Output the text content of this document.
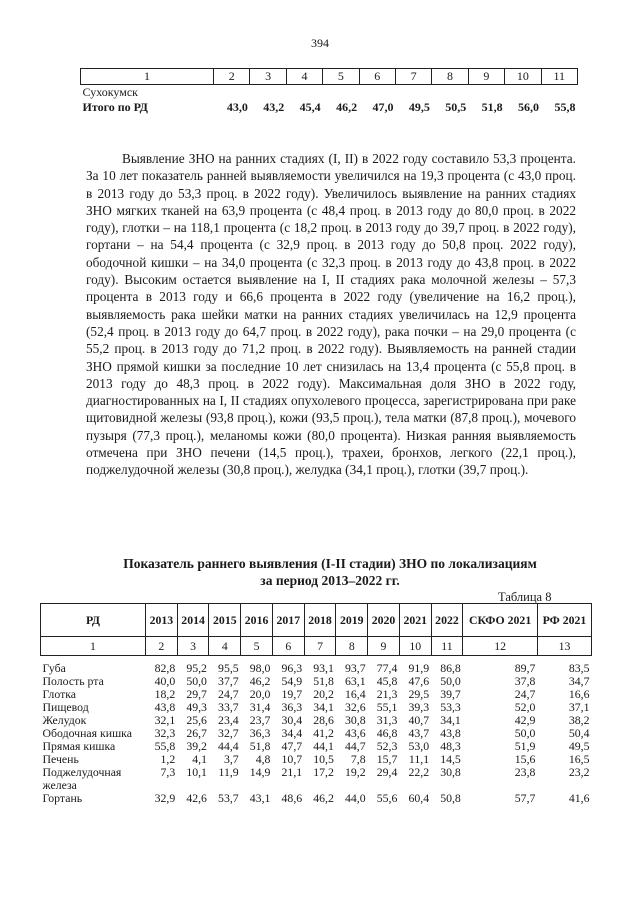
394
1	2	3	4	5	6	7	8	9	10	11
Сухокумск										
Итого по РД	43,0	43,2	45,4	46,2	47,0	49,5	50,5	51,8	56,0	55,8

Выявление ЗНО на ранних стадиях (I, II) в 2022 году составило 53,3 процента. За 10 лет показатель ранней выявляемости увеличился на 19,3 процента (с 43,0 проц. в 2013 году до 53,3 проц. в 2022 году). Увеличилось выявление на ранних стадиях ЗНО мягких тканей на 63,9 процента (с 48,4 проц. в 2013 году до 80,0 проц. в 2022 году), глотки – на 118,1 процента (с 18,2 проц. в 2013 году до 39,7 проц. в 2022 году), гортани – на 54,4 процента (с 32,9 проц. в 2013 году до 50,8 проц. 2022 году), ободочной кишки – на 34,0 процента (с 32,3 проц. в 2013 году до 43,8 проц. в 2022 году). Высоким остается выявление на I, II стадиях рака молочной железы – 57,3 процента в 2013 году и 66,6 процента в 2022 году (увеличение на 16,2 проц.), выявляемость рака шейки матки на ранних стадиях увеличилась на 12,9 процента (52,4 проц. в 2013 году до 64,7 проц. в 2022 году), рака почки – на 29,0 процента (с 55,2 проц. в 2013 году до 71,2 проц. в 2022 году). Выявляемость на ранней стадии ЗНО прямой кишки за последние 10 лет снизилась на 13,4 процента (с 55,8 проц. в 2013 году до 48,3 проц. в 2022 году). Максимальная доля ЗНО в 2022 году, диагностированных на I, II стадиях опухолевого процесса, зарегистрирована при раке щитовидной железы (93,8 проц.), кожи (93,5 проц.), тела матки (87,8 проц.), мочевого пузыря (77,3 проц.), меланомы кожи (80,0 процента). Низкая ранняя выявляемость отмечена при ЗНО печени (14,5 проц.), трахеи, бронхов, легкого (22,1 проц.), поджелудочной железы (30,8 проц.), желудка (34,1 проц.), глотки (39,7 проц.).

Показатель раннего выявления (I-II стадии) ЗНО по локализациям
за период 2013–2022 гг.
Таблица 8
РД	2013	2014	2015	2016	2017	2018	2019	2020	2021	2022	СКФО 2021	РФ 2021
1	2	3	4	5	6	7	8	9	10	11	12	13

Губа	82,8	95,2	95,5	98,0	96,3	93,1	93,7	77,4	91,9	86,8	89,7	83,5
Полость рта	40,0	50,0	37,7	46,2	54,9	51,8	63,1	45,8	47,6	50,0	37,8	34,7
Глотка	18,2	29,7	24,7	20,0	19,7	20,2	16,4	21,3	29,5	39,7	24,7	16,6
Пищевод	43,8	49,3	33,7	31,4	36,3	34,1	32,6	55,1	39,3	53,3	52,0	37,1
Желудок	32,1	25,6	23,4	23,7	30,4	28,6	30,8	31,3	40,7	34,1	42,9	38,2
Ободочная кишка	32,3	26,7	32,7	36,3	34,4	41,2	43,6	46,8	43,7	43,8	50,0	50,4
Прямая кишка	55,8	39,2	44,4	51,8	47,7	44,1	44,7	52,3	53,0	48,3	51,9	49,5
Печень	1,2	4,1	3,7	4,8	10,7	10,5	7,8	15,7	11,1	14,5	15,6	16,5
Поджелудочная железа	7,3	10,1	11,9	14,9	21,1	17,2	19,2	29,4	22,2	30,8	23,8	23,2
Гортань	32,9	42,6	53,7	43,1	48,6	46,2	44,0	55,6	60,4	50,8	57,7	41,6
